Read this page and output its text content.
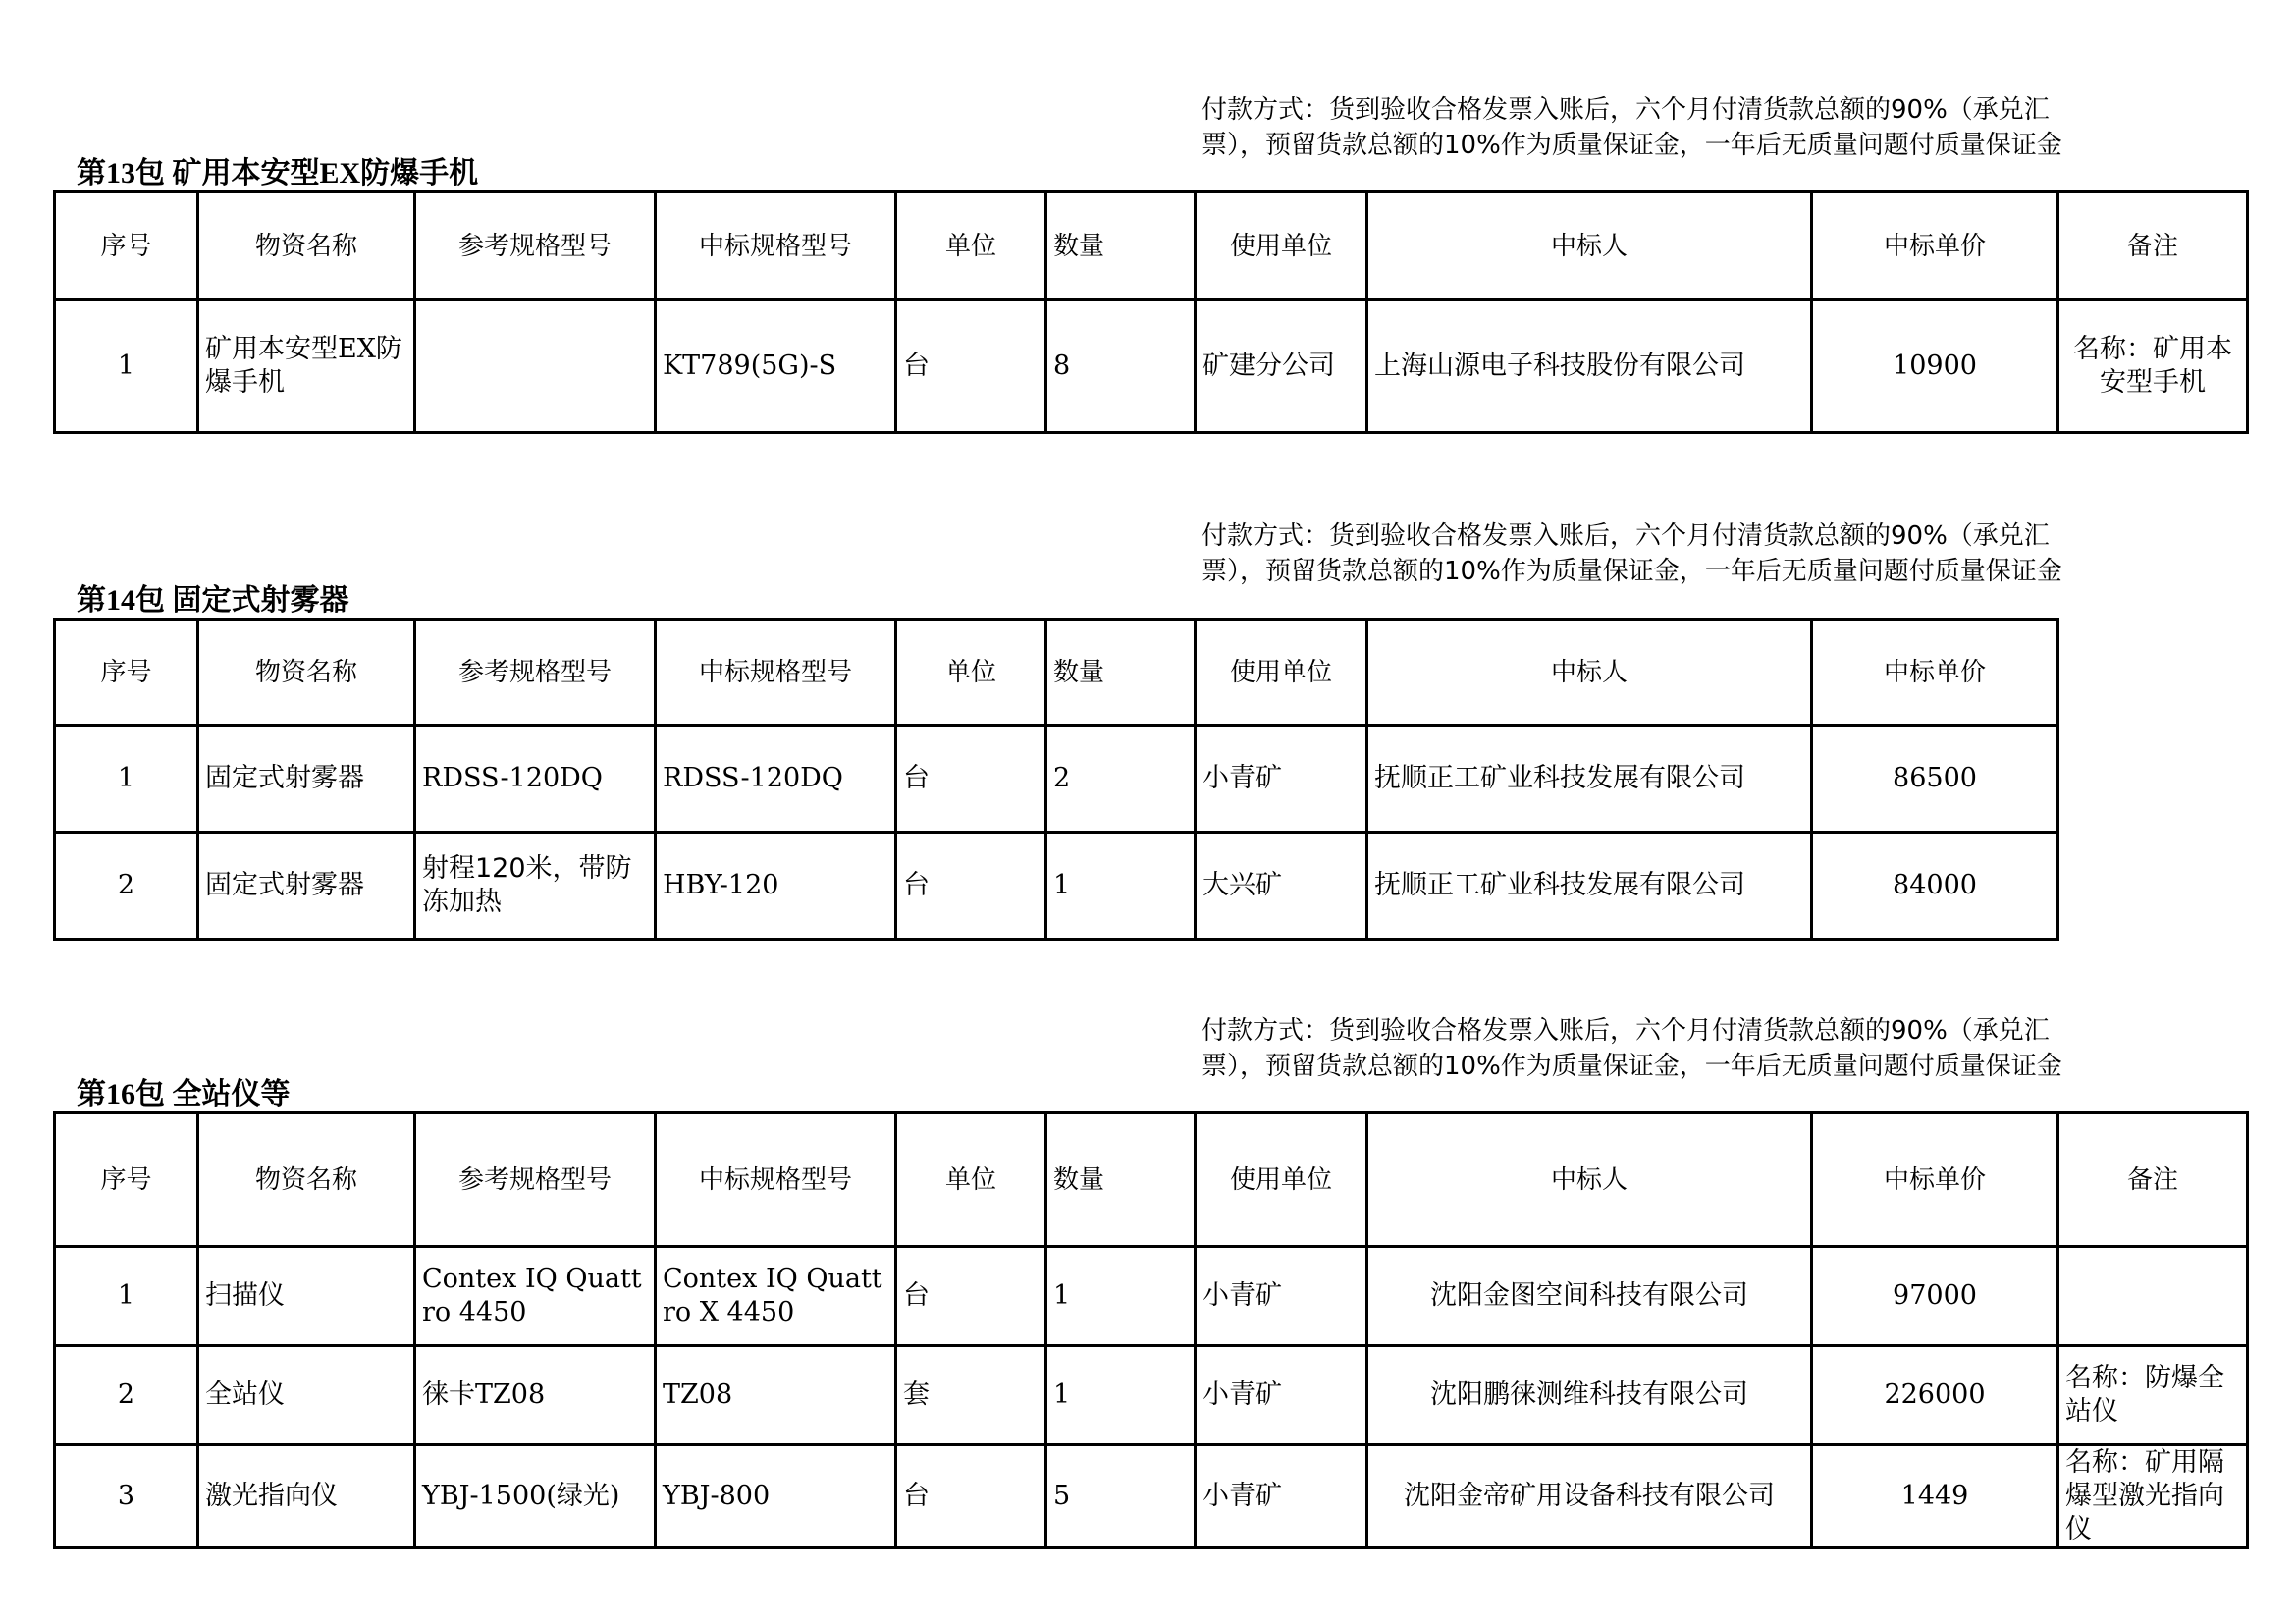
付款方式：货到验收合格发票入账后，六个月付清货款总额的90%（承兑汇票），预留货款总额的10%作为质量保证金，一年后无质量问题付质量保证金
第13包 矿用本安型EX防爆手机
序号	物资名称	参考规格型号	中标规格型号	单位	数量	使用单位	中标人	中标单价	备注
1	矿用本安型EX防爆手机		KT789(5G)-S	台	8	矿建分公司	上海山源电子科技股份有限公司	10900	名称：矿用本安型手机
付款方式：货到验收合格发票入账后，六个月付清货款总额的90%（承兑汇票），预留货款总额的10%作为质量保证金，一年后无质量问题付质量保证金
第14包 固定式射雾器
序号	物资名称	参考规格型号	中标规格型号	单位	数量	使用单位	中标人	中标单价
1	固定式射雾器	RDSS-120DQ	RDSS-120DQ	台	2	小青矿	抚顺正工矿业科技发展有限公司	86500
2	固定式射雾器	射程120米，带防冻加热	HBY-120	台	1	大兴矿	抚顺正工矿业科技发展有限公司	84000
付款方式：货到验收合格发票入账后，六个月付清货款总额的90%（承兑汇票），预留货款总额的10%作为质量保证金，一年后无质量问题付质量保证金
第16包 全站仪等
序号	物资名称	参考规格型号	中标规格型号	单位	数量	使用单位	中标人	中标单价	备注
1	扫描仪	Contex IQ Quattro 4450	Contex IQ Quattro X 4450	台	1	小青矿	沈阳金图空间科技有限公司	97000	
2	全站仪	徕卡TZ08	TZ08	套	1	小青矿	沈阳鹏徕测维科技有限公司	226000	名称：防爆全站仪
3	激光指向仪	YBJ-1500(绿光)	YBJ-800	台	5	小青矿	沈阳金帝矿用设备科技有限公司	1449	名称：矿用隔爆型激光指向仪
